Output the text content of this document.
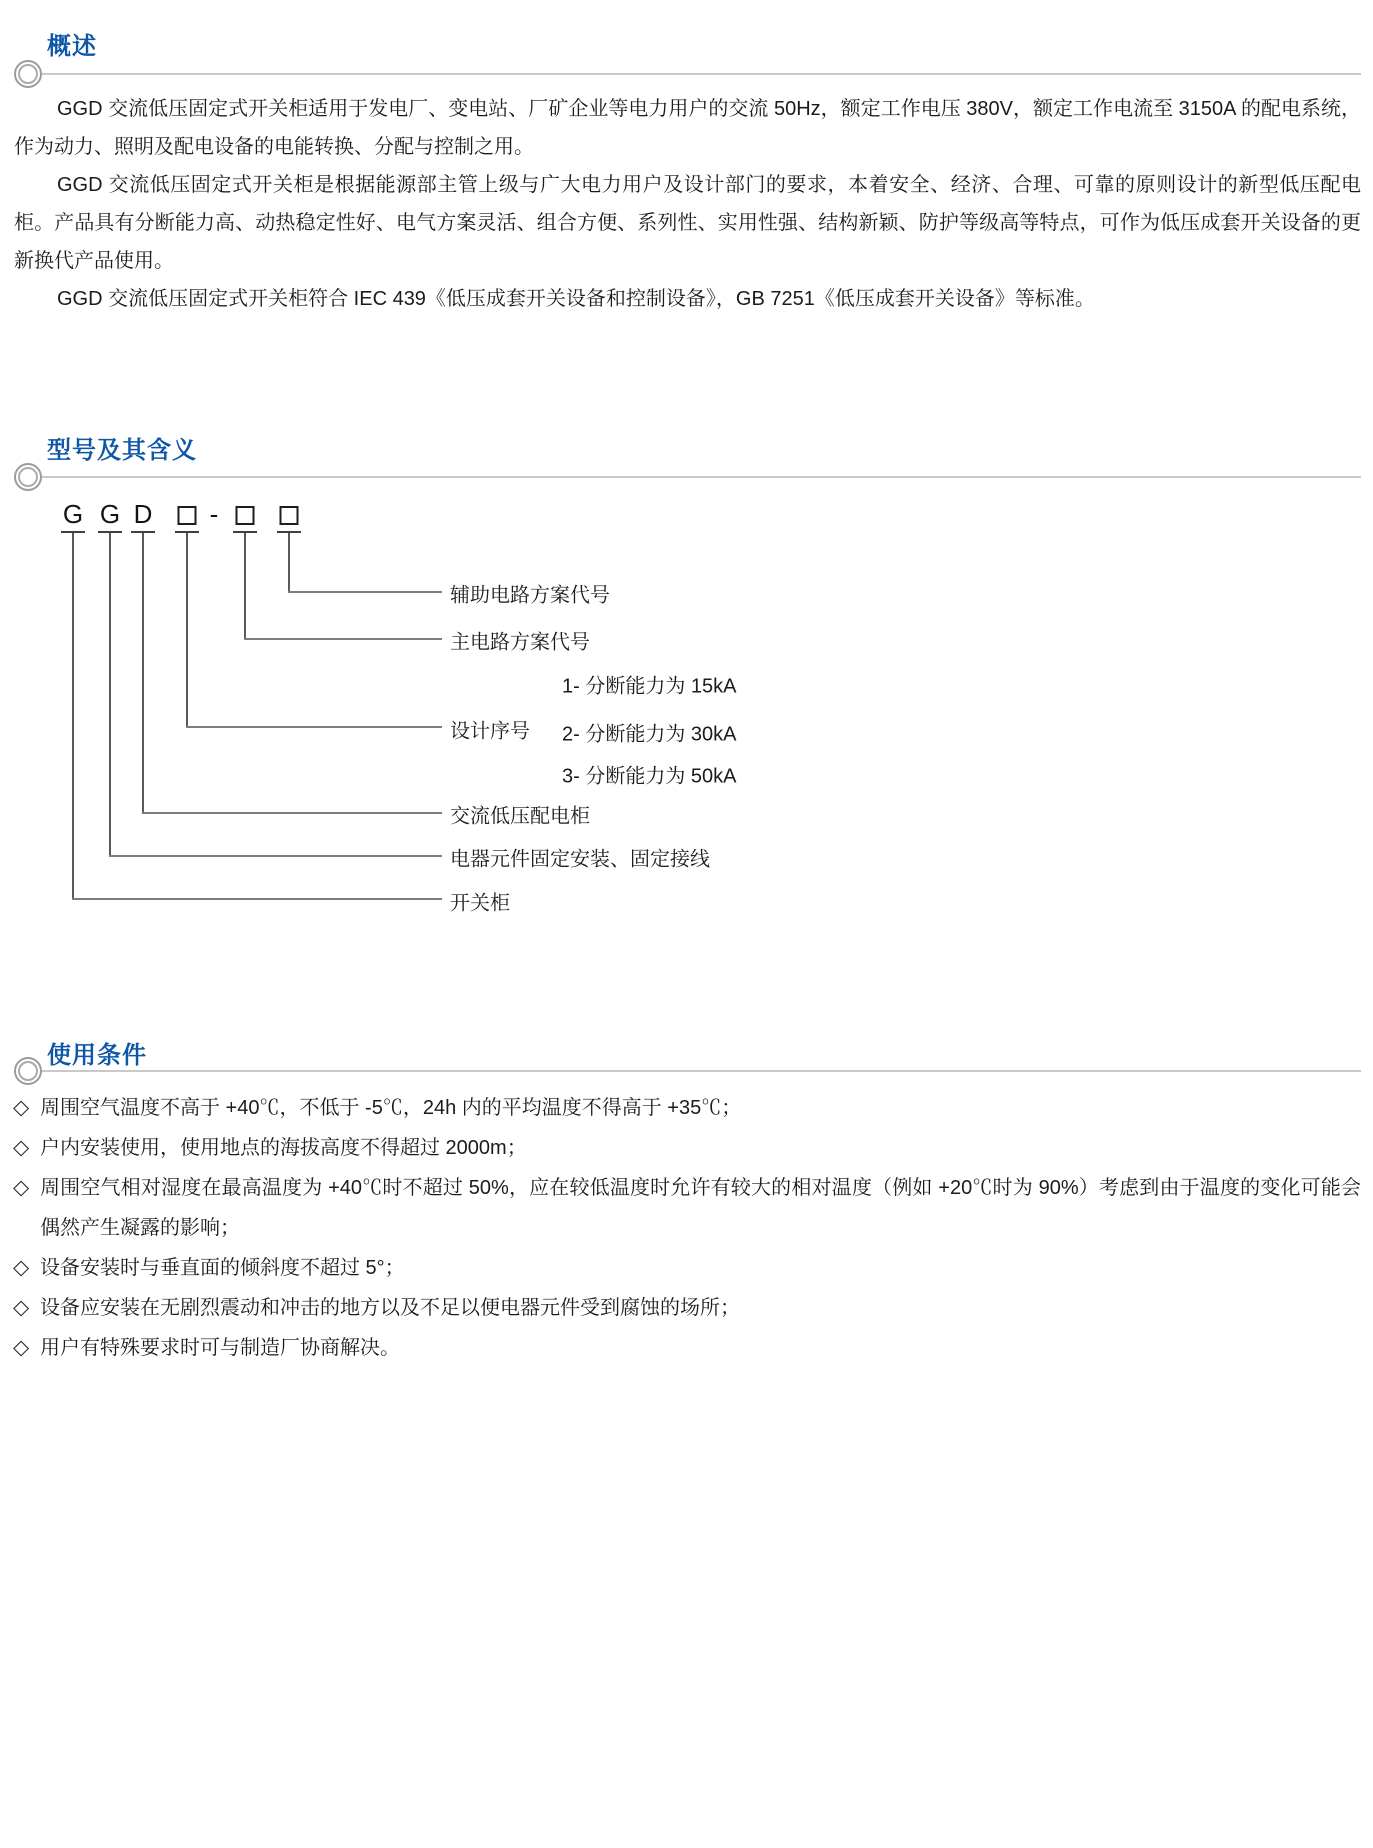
概述

GGD 交流低压固定式开关柜适用于发电厂、变电站、厂矿企业等电力用户的交流 50Hz，额定工作电压 380V，额定工作电流至 3150A 的配电系统，作为动力、照明及配电设备的电能转换、分配与控制之用。

GGD 交流低压固定式开关柜是根据能源部主管上级与广大电力用户及设计部门的要求，本着安全、经济、合理、可靠的原则设计的新型低压配电柜。产品具有分断能力高、动热稳定性好、电气方案灵活、组合方便、系列性、实用性强、结构新颖、防护等级高等特点，可作为低压成套开关设备的更新换代产品使用。

GGD 交流低压固定式开关柜符合 IEC 439《低压成套开关设备和控制设备》，GB 7251《低压成套开关设备》等标准。

型号及其含义
G G D -
辅助电路方案代号
主电路方案代号
设计序号
交流低压配电柜
电器元件固定安装、固定接线
开关柜
1- 分断能力为 15kA
2- 分断能力为 30kA
3- 分断能力为 50kA
使用条件

◇ 周围空气温度不高于 +40℃，不低于 -5℃，24h 内的平均温度不得高于 +35℃；

◇ 户内安装使用，使用地点的海拔高度不得超过 2000m；

◇ 周围空气相对湿度在最高温度为 +40℃时不超过 50%，应在较低温度时允许有较大的相对温度（例如 +20℃时为 90%）考虑到由于温度的变化可能会偶然产生凝露的影响；

◇ 设备安装时与垂直面的倾斜度不超过 5°；

◇ 设备应安装在无剧烈震动和冲击的地方以及不足以便电器元件受到腐蚀的场所；

◇ 用户有特殊要求时可与制造厂协商解决。
